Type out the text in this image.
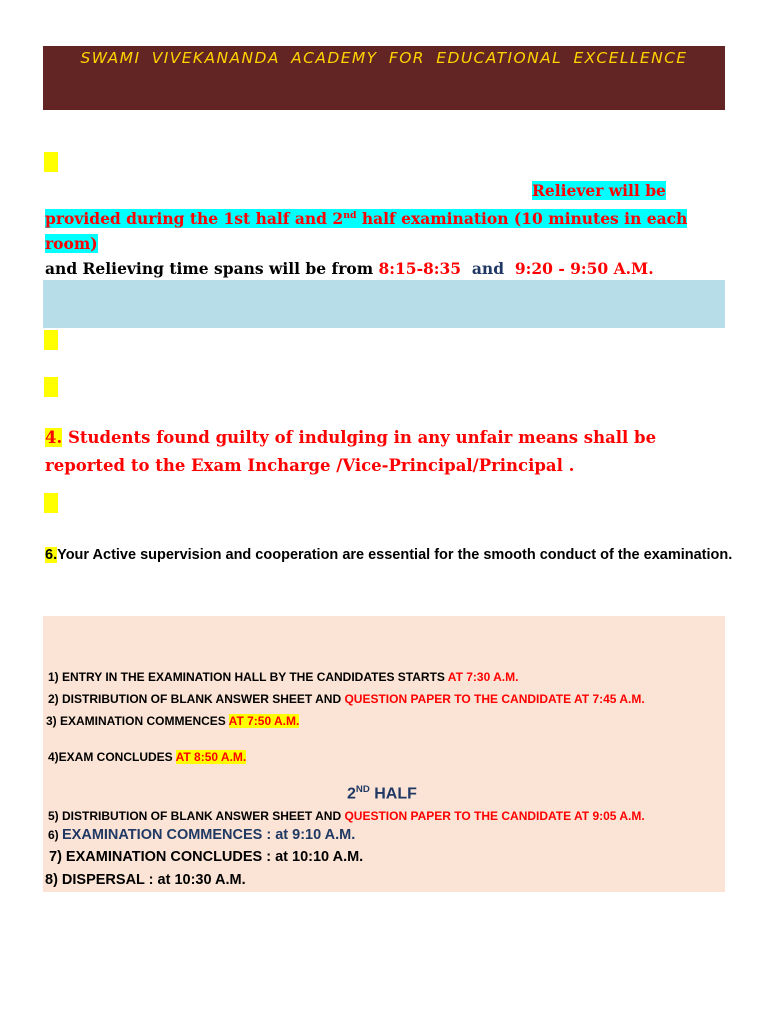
SWAMI VIVEKANANDA ACADEMY FOR EDUCATIONAL EXCELLENCE
Reliever will be
provided during the 1st half and 2nd half examination (10 minutes in each room)
and Relieving time spans will be from 8:15-8:35 and 9:20 - 9:50 A.M.

4. Students found guilty of indulging in any unfair means shall be reported to the Exam Incharge /Vice-Principal/Principal .
6.Your Active supervision and cooperation are essential for the smooth conduct of the examination.
1) ENTRY IN THE EXAMINATION HALL BY THE CANDIDATES STARTS AT 7:30 A.M.
2) DISTRIBUTION OF BLANK ANSWER SHEET AND QUESTION PAPER TO THE CANDIDATE AT 7:45 A.M.
3) EXAMINATION COMMENCES AT 7:50 A.M.
4)EXAM CONCLUDES AT 8:50 A.M.
2ND HALF
5) DISTRIBUTION OF BLANK ANSWER SHEET AND QUESTION PAPER TO THE CANDIDATE AT 9:05 A.M.
6) EXAMINATION COMMENCES : at 9:10 A.M.
7) EXAMINATION CONCLUDES : at 10:10 A.M.
8) DISPERSAL : at 10:30 A.M.
